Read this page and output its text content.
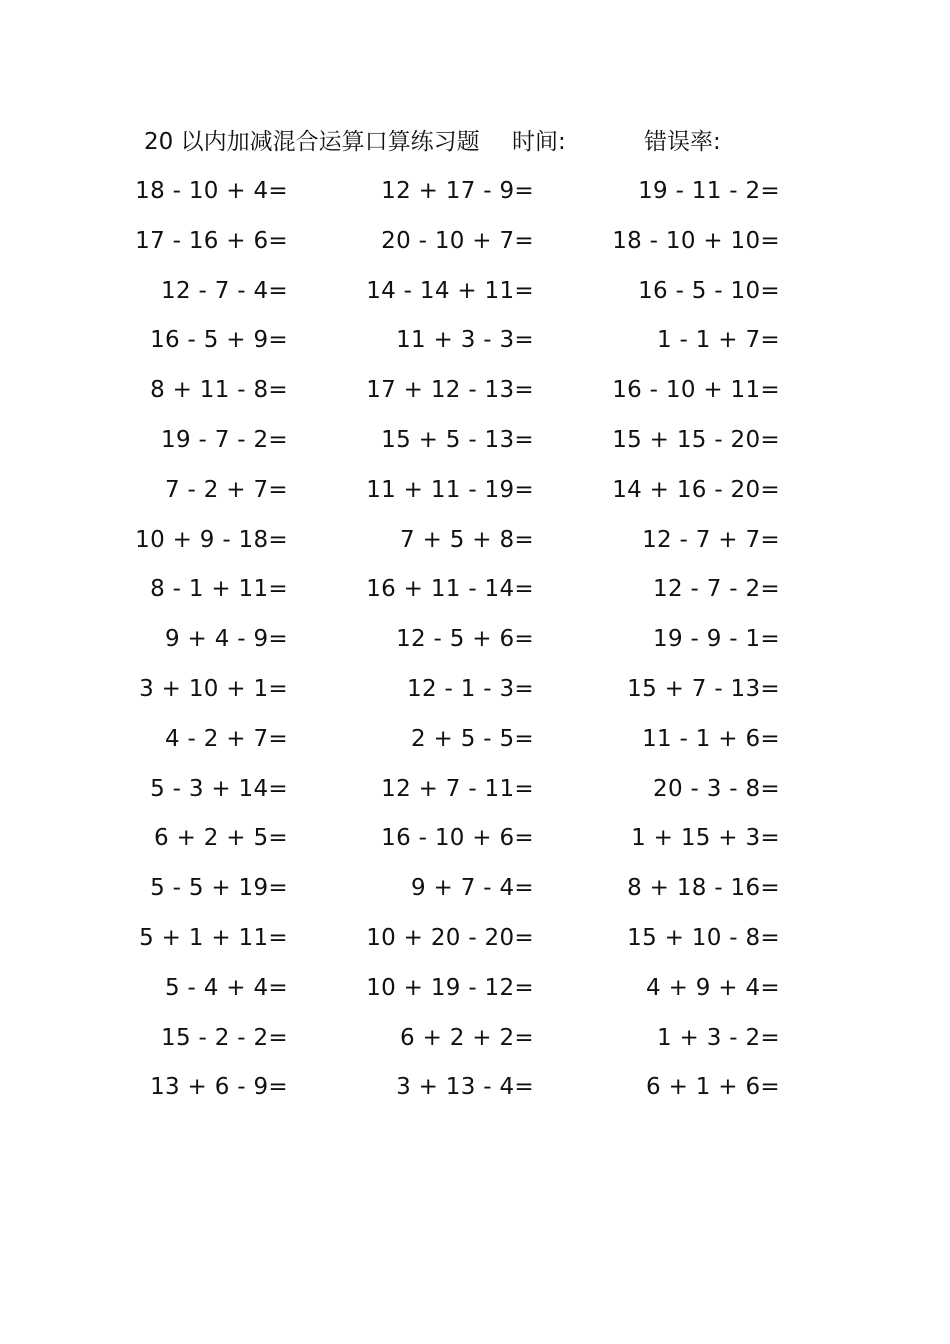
20 以内加减混合运算口算练习题 时间:	错误率:
18 - 10 + 4=	12 + 17 - 9=	19 - 11 - 2=
17 - 16 + 6=	20 - 10 + 7=	18 - 10 + 10=
12 - 7 - 4=	14 - 14 + 11=	16 - 5 - 10=
16 - 5 + 9=	11 + 3 - 3=	1 - 1 + 7=
8 + 11 - 8=	17 + 12 - 13=	16 - 10 + 11=
19 - 7 - 2=	15 + 5 - 13=	15 + 15 - 20=
7 - 2 + 7=	11 + 11 - 19=	14 + 16 - 20=
10 + 9 - 18=	7 + 5 + 8=	12 - 7 + 7=
8 - 1 + 11=	16 + 11 - 14=	12 - 7 - 2=
9 + 4 - 9=	12 - 5 + 6=	19 - 9 - 1=
3 + 10 + 1=	12 - 1 - 3=	15 + 7 - 13=
4 - 2 + 7=	2 + 5 - 5=	11 - 1 + 6=
5 - 3 + 14=	12 + 7 - 11=	20 - 3 - 8=
6 + 2 + 5=	16 - 10 + 6=	1 + 15 + 3=
5 - 5 + 19=	9 + 7 - 4=	8 + 18 - 16=
5 + 1 + 11=	10 + 20 - 20=	15 + 10 - 8=
5 - 4 + 4=	10 + 19 - 12=	4 + 9 + 4=
15 - 2 - 2=	6 + 2 + 2=	1 + 3 - 2=
13 + 6 - 9=	3 + 13 - 4=	6 + 1 + 6=
